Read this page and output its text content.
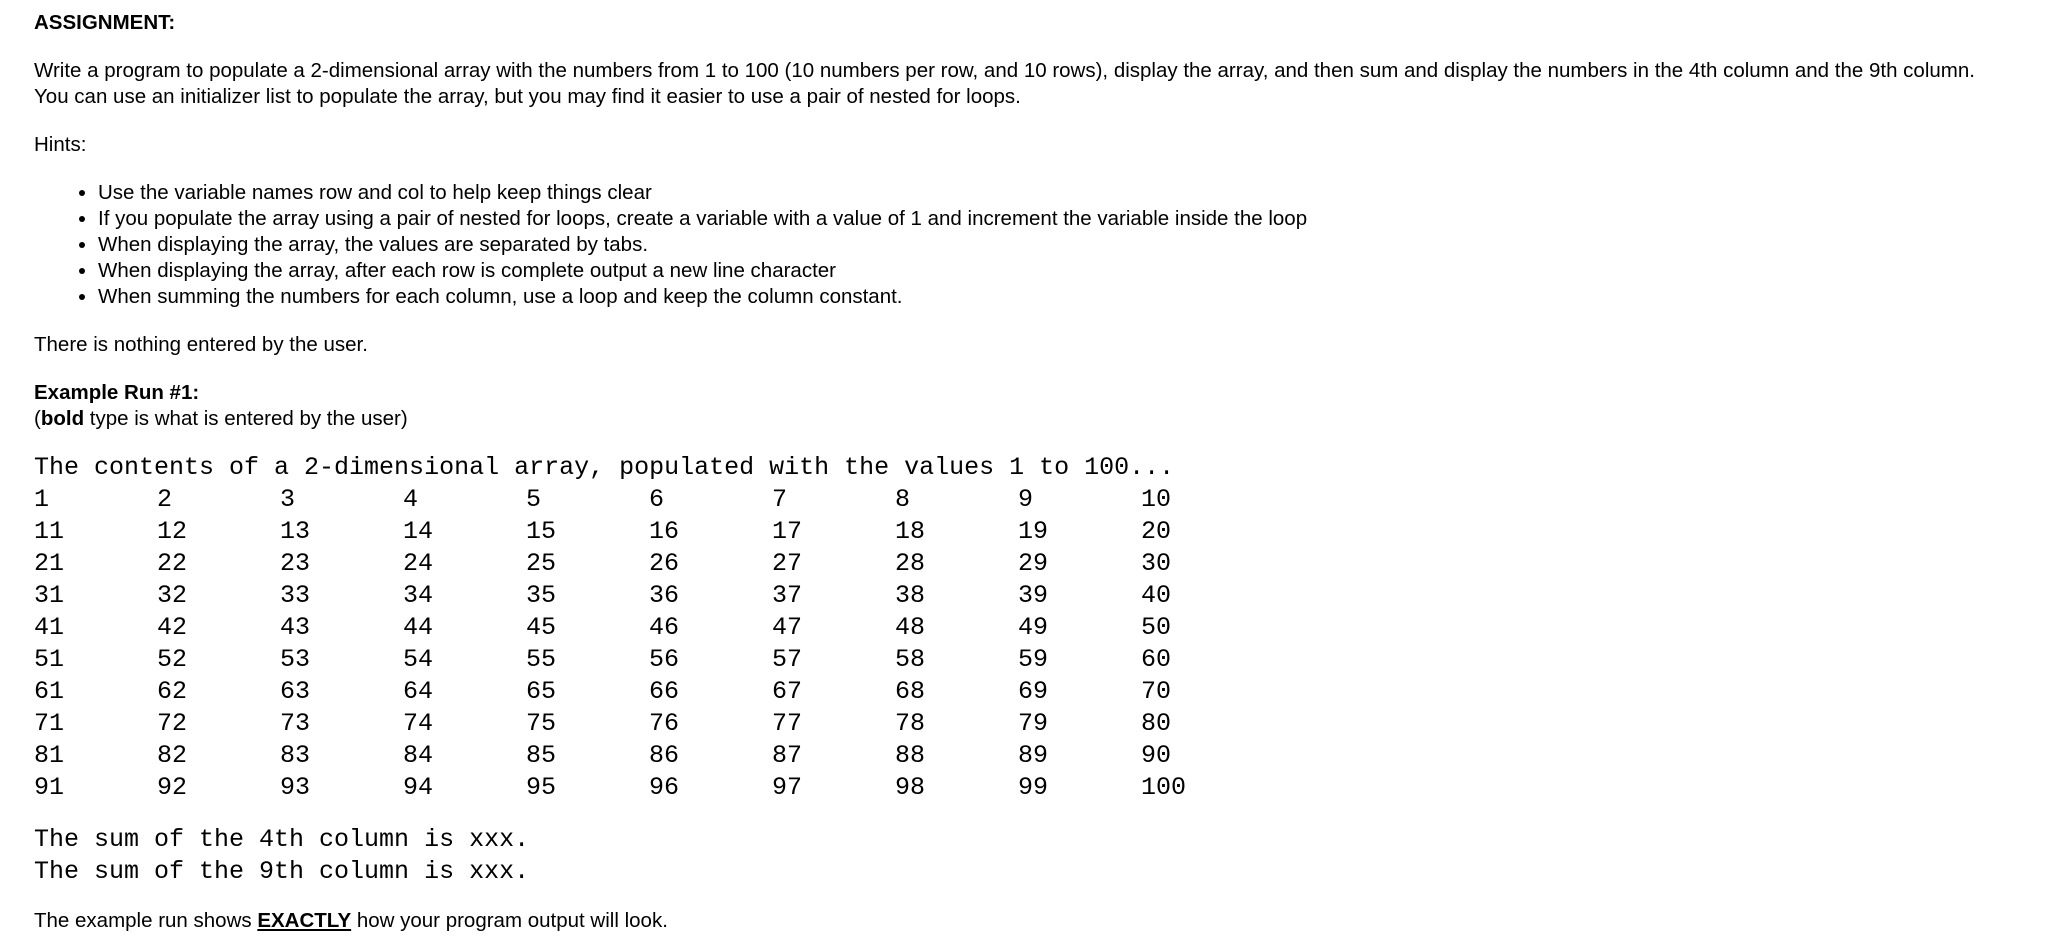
ASSIGNMENT:

Write a program to populate a 2-dimensional array with the numbers from 1 to 100 (10 numbers per row, and 10 rows), display the array, and then sum and display the numbers in the 4th column and the 9th column.

You can use an initializer list to populate the array, but you may find it easier to use a pair of nested for loops.

Hints:
• Use the variable names row and col to help keep things clear
• If you populate the array using a pair of nested for loops, create a variable with a value of 1 and increment the variable inside the loop
• When displaying the array, the values are separated by tabs.
• When displaying the array, after each row is complete output a new line character
• When summing the numbers for each column, use a loop and keep the column constant.
There is nothing entered by the user.
Example Run #1:
(bold type is what is entered by the user)
The contents of a 2-dimensional array, populated with the values 1 to 100...
1	2	3	4	5	6	7	8	9	10
11	12	13	14	15	16	17	18	19	20
21	22	23	24	25	26	27	28	29	30
31	32	33	34	35	36	37	38	39	40
41	42	43	44	45	46	47	48	49	50
51	52	53	54	55	56	57	58	59	60
61	62	63	64	65	66	67	68	69	70
71	72	73	74	75	76	77	78	79	80
81	82	83	84	85	86	87	88	89	90
91	92	93	94	95	96	97	98	99	100
The sum of the 4th column is xxx.
The sum of the 9th column is xxx.
The example run shows EXACTLY how your program output will look.
